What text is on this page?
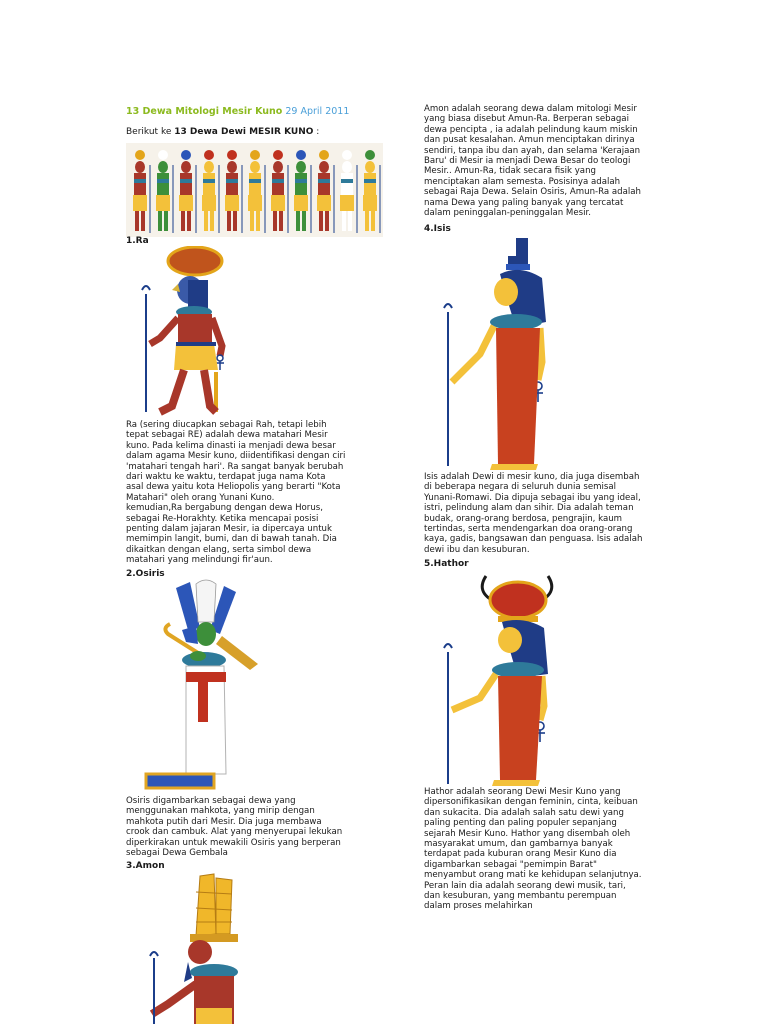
13 Dewa Mitologi Mesir Kuno 29 April 2011
Berikut ke 13 Dewa Dewi MESIR KUNO :
1.Ra

Ra (sering diucapkan sebagai Rah, tetapi lebih
tepat sebagai RE) adalah dewa matahari Mesir
kuno. Pada kelima dinasti ia menjadi dewa besar
dalam agama Mesir kuno, diidentifikasi dengan ciri
'matahari tengah hari'. Ra sangat banyak berubah
dari waktu ke waktu, terdapat juga nama Kota
asal dewa yaitu kota Heliopolis yang berarti "Kota
Matahari" oleh orang Yunani Kuno.
kemudian,Ra bergabung dengan dewa Horus,
sebagai Re-Horakhty. Ketika mencapai posisi
penting dalam jajaran Mesir, ia dipercaya untuk
memimpin langit, bumi, dan di bawah tanah. Dia
dikaitkan dengan elang, serta simbol dewa
matahari yang melindungi fir'aun.

2.Osiris

Osiris digambarkan sebagai dewa yang
menggunakan mahkota, yang mirip dengan
mahkota putih dari Mesir. Dia juga membawa
crook dan cambuk. Alat yang menyerupai lekukan
diperkirakan untuk mewakili Osiris yang berperan
sebagai Dewa Gembala

3.Amon

Amon adalah seorang dewa dalam mitologi Mesir
yang biasa disebut Amun-Ra. Berperan sebagai
dewa pencipta , ia adalah pelindung kaum miskin
dan pusat kesalahan. Amun menciptakan dirinya
sendiri, tanpa ibu dan ayah, dan selama 'Kerajaan
Baru' di Mesir ia menjadi Dewa Besar do teologi
Mesir.. Amun-Ra, tidak secara fisik yang
menciptakan alam semesta. Posisinya adalah
sebagai Raja Dewa. Selain Osiris, Amun-Ra adalah
nama Dewa yang paling banyak yang tercatat
dalam peninggalan-peninggalan Mesir.

4.Isis

Isis adalah Dewi di mesir kuno, dia juga disembah
di beberapa negara di seluruh dunia semisal
Yunani-Romawi. Dia dipuja sebagai ibu yang ideal,
istri, pelindung alam dan sihir. Dia adalah teman
budak, orang-orang berdosa, pengrajin, kaum
tertindas, serta mendengarkan doa orang-orang
kaya, gadis, bangsawan dan penguasa. Isis adalah
dewi ibu dan kesuburan.

5.Hathor

Hathor adalah seorang Dewi Mesir Kuno yang
dipersonifikasikan dengan feminin, cinta, keibuan
dan sukacita. Dia adalah salah satu dewi yang
paling penting dan paling populer sepanjang
sejarah Mesir Kuno. Hathor yang disembah oleh
masyarakat umum, dan gambarnya banyak
terdapat pada kuburan orang Mesir Kuno dia
digambarkan sebagai "pemimpin Barat"
menyambut orang mati ke kehidupan selanjutnya.
Peran lain dia adalah seorang dewi musik, tari,
dan kesuburan, yang membantu perempuan
dalam proses melahirkan
